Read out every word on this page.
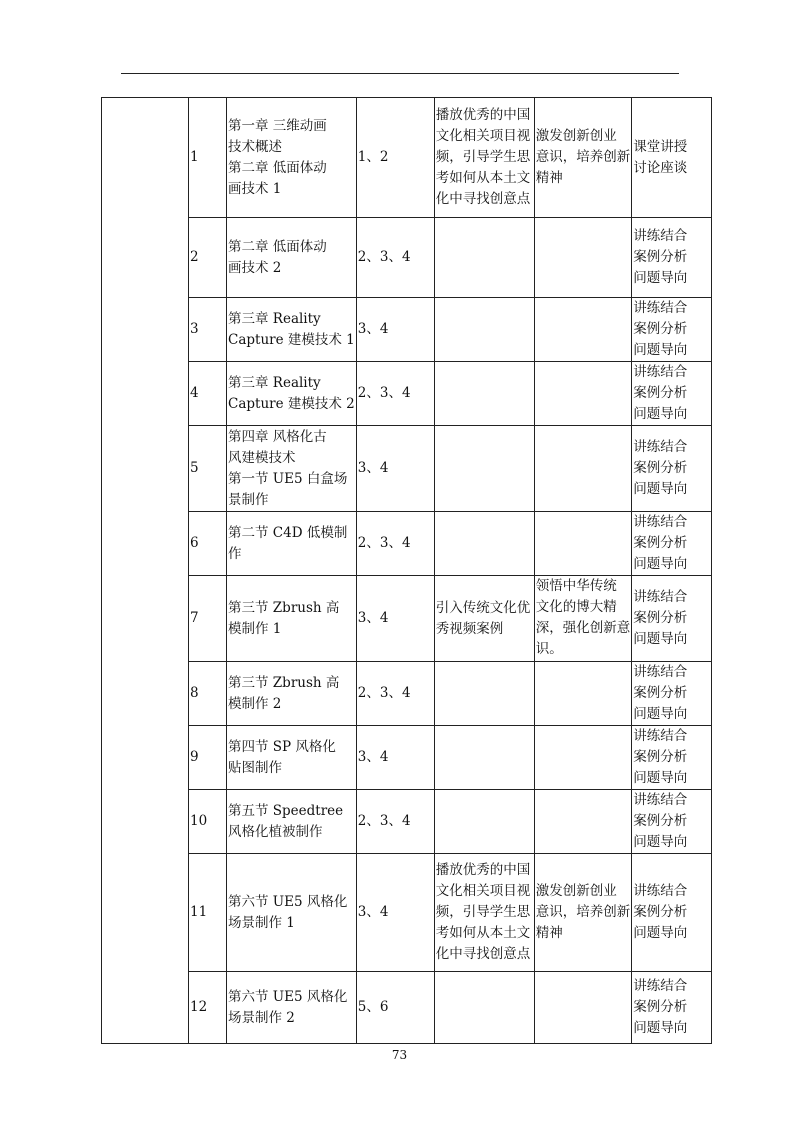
	1	第一章 三维动画
技术概述
第二章 低面体动
画技术 1	1、2	播放优秀的中国
文化相关项目视
频，引导学生思
考如何从本土文
化中寻找创意点	激发创新创业
意识，培养创新
精神	课堂讲授
讨论座谈

	2	第二章 低面体动
画技术 2	2、3、4			讲练结合
案例分析
问题导向

	3	第三章 Reality
Capture 建模技术 1	3、4			讲练结合
案例分析
问题导向

	4	第三章 Reality
Capture 建模技术 2	2、3、4			讲练结合
案例分析
问题导向

	5	第四章 风格化古
风建模技术
第一节 UE5 白盒场
景制作	3、4			讲练结合
案例分析
问题导向

	6	第二节 C4D 低模制
作	2、3、4			讲练结合
案例分析
问题导向

	7	第三节 Zbrush 高
模制作 1	3、4	引入传统文化优
秀视频案例	领悟中华传统
文化的博大精
深，强化创新意
识。	讲练结合
案例分析
问题导向

	8	第三节 Zbrush 高
模制作 2	2、3、4			讲练结合
案例分析
问题导向

	9	第四节 SP 风格化
贴图制作	3、4			讲练结合
案例分析
问题导向

	10	第五节 Speedtree
风格化植被制作	2、3、4			讲练结合
案例分析
问题导向

	11	第六节 UE5 风格化
场景制作 1	3、4	播放优秀的中国
文化相关项目视
频，引导学生思
考如何从本土文
化中寻找创意点	激发创新创业
意识，培养创新
精神	讲练结合
案例分析
问题导向

	12	第六节 UE5 风格化
场景制作 2	5、6			讲练结合
案例分析
问题导向
73
